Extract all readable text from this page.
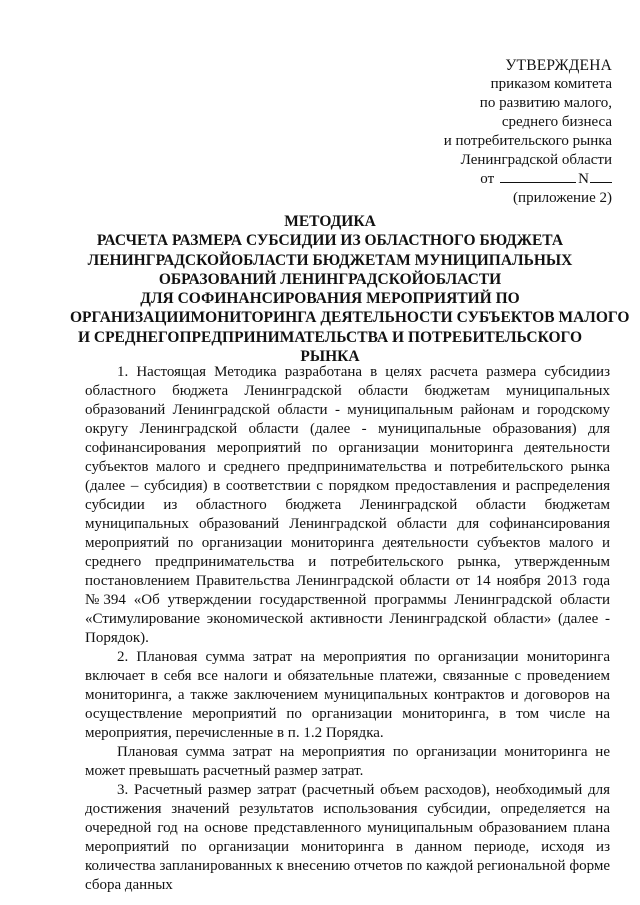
УТВЕРЖДЕНА
приказом комитета
по развитию малого,
среднего бизнеса
и потребительского рынка
Ленинградской области
от	N
(приложение 2)
МЕТОДИКА
РАСЧЕТА РАЗМЕРА СУБСИДИИ ИЗ ОБЛАСТНОГО БЮДЖЕТА
ЛЕНИНГРАДСКОЙОБЛАСТИ БЮДЖЕТАМ МУНИЦИПАЛЬНЫХ
ОБРАЗОВАНИЙ ЛЕНИНГРАДСКОЙОБЛАСТИ
ДЛЯ СОФИНАНСИРОВАНИЯ МЕРОПРИЯТИЙ ПО
ОРГАНИЗАЦИИМОНИТОРИНГА ДЕЯТЕЛЬНОСТИ СУБЪЕКТОВ МАЛОГО
И СРЕДНЕГОПРЕДПРИНИМАТЕЛЬСТВА И ПОТРЕБИТЕЛЬСКОГО
РЫНКА

1. Настоящая Методика разработана в целях расчета размера субсидииз областного бюджета Ленинградской области бюджетам муниципальных образований Ленинградской области - муниципальным районам и городскому округу Ленинградской области (далее - муниципальные образования) для софинансирования мероприятий по организации мониторинга деятельности субъектов малого и среднего предпринимательства и потребительского рынка (далее – субсидия) в соответствии с порядком предоставления и распределения субсидии из областного бюджета Ленинградской области бюджетам муниципальных образований Ленинградской области для софинансирования мероприятий по организации мониторинга деятельности субъектов малого и среднего предпринимательства и потребительского рынка, утвержденным постановлением Правительства Ленинградской области от 14 ноября 2013 года №394 «Об утверждении государственной программы Ленинградской области «Стимулирование экономической активности Ленинградской области» (далее - Порядок).

2. Плановая сумма затрат на мероприятия по организации мониторинга включает в себя все налоги и обязательные платежи, связанные с проведением мониторинга, а также заключением муниципальных контрактов и договоров на осуществление мероприятий по организации мониторинга, в том числе на мероприятия, перечисленные в п. 1.2 Порядка.

Плановая сумма затрат на мероприятия по организации мониторинга не может превышать расчетный размер затрат.

3. Расчетный размер затрат (расчетный объем расходов), необходимый для достижения значений результатов использования субсидии, определяется на очередной год на основе представленного муниципальным образованием плана мероприятий по организации мониторинга в данном периоде, исходя из количества запланированных к внесению отчетов по каждой региональной форме сбора данных
